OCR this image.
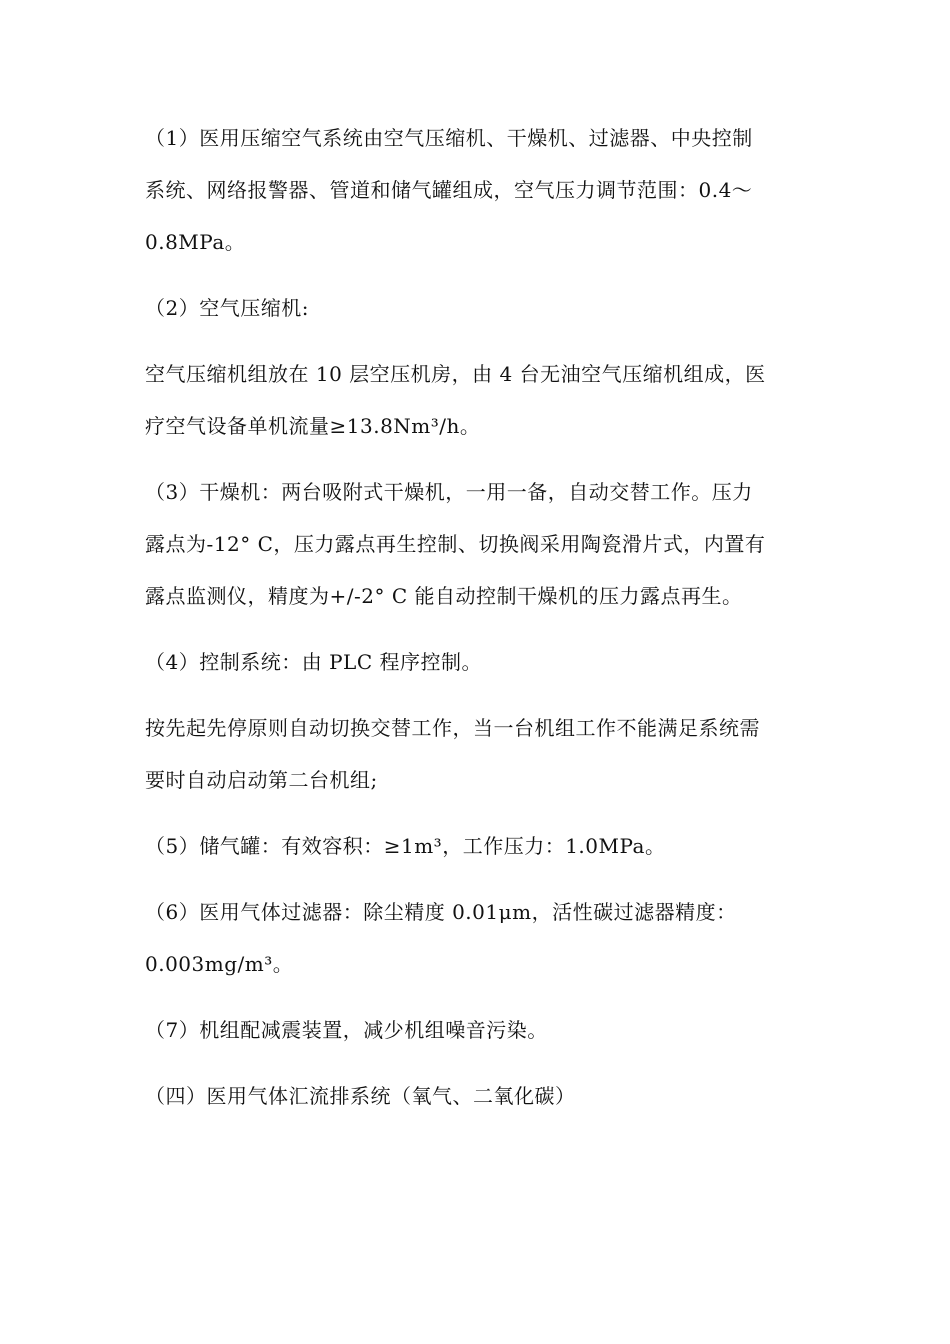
（1）医用压缩空气系统由空气压缩机、干燥机、过滤器、中央控制
系统、网络报警器、管道和储气罐组成，空气压力调节范围：0.4～
0.8MPa。

（2）空气压缩机:

空气压缩机组放在 10 层空压机房，由 4 台无油空气压缩机组成，医
疗空气设备单机流量≥13.8Nm³/h。

（3）干燥机：两台吸附式干燥机，一用一备，自动交替工作。压力
露点为-12° C，压力露点再生控制、切换阀采用陶瓷滑片式，内置有
露点监测仪，精度为+/-2° C 能自动控制干燥机的压力露点再生。

（4）控制系统：由 PLC 程序控制。

按先起先停原则自动切换交替工作，当一台机组工作不能满足系统需
要时自动启动第二台机组;

（5）储气罐：有效容积：≥1m³，工作压力：1.0MPa。

（6）医用气体过滤器：除尘精度 0.01μm，活性碳过滤器精度：
0.003mg/m³。

（7）机组配减震装置，减少机组噪音污染。

（四）医用气体汇流排系统（氧气、二氧化碳）
